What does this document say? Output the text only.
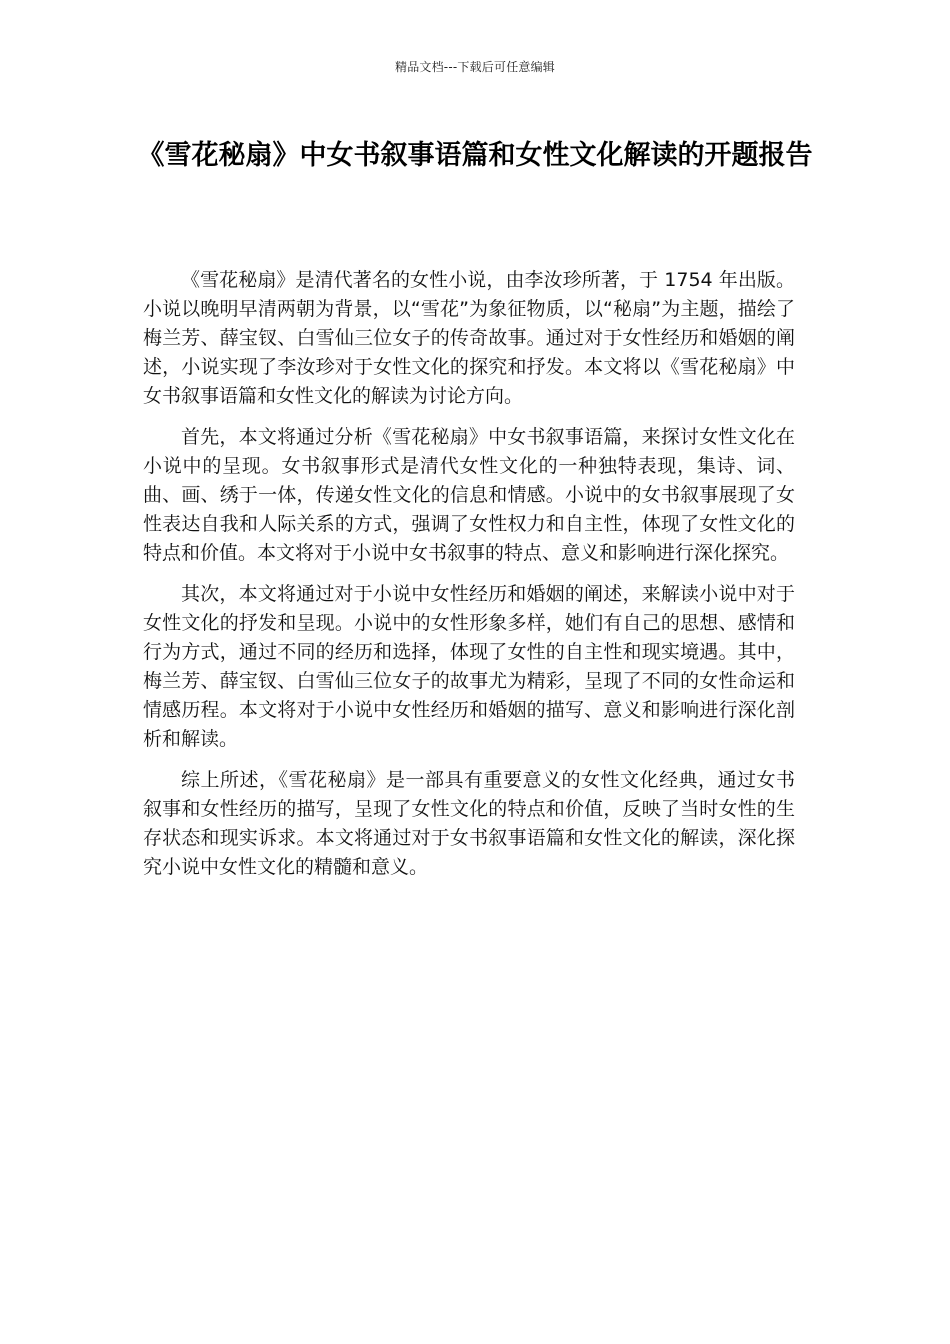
精品文档---下载后可任意编辑
《雪花秘扇》中女书叙事语篇和女性文化解读的开题报告

《雪花秘扇》是清代著名的女性小说，由李汝珍所著，于 1754 年出版。小说以晚明早清两朝为背景，以“雪花”为象征物质，以“秘扇”为主题，描绘了梅兰芳、薛宝钗、白雪仙三位女子的传奇故事。通过对于女性经历和婚姻的阐述，小说实现了李汝珍对于女性文化的探究和抒发。本文将以《雪花秘扇》中女书叙事语篇和女性文化的解读为讨论方向。

首先，本文将通过分析《雪花秘扇》中女书叙事语篇，来探讨女性文化在小说中的呈现。女书叙事形式是清代女性文化的一种独特表现，集诗、词、曲、画、绣于一体，传递女性文化的信息和情感。小说中的女书叙事展现了女性表达自我和人际关系的方式，强调了女性权力和自主性，体现了女性文化的特点和价值。本文将对于小说中女书叙事的特点、意义和影响进行深化探究。

其次，本文将通过对于小说中女性经历和婚姻的阐述，来解读小说中对于女性文化的抒发和呈现。小说中的女性形象多样，她们有自己的思想、感情和行为方式，通过不同的经历和选择，体现了女性的自主性和现实境遇。其中，梅兰芳、薛宝钗、白雪仙三位女子的故事尤为精彩，呈现了不同的女性命运和情感历程。本文将对于小说中女性经历和婚姻的描写、意义和影响进行深化剖析和解读。

综上所述，《雪花秘扇》是一部具有重要意义的女性文化经典，通过女书叙事和女性经历的描写，呈现了女性文化的特点和价值，反映了当时女性的生存状态和现实诉求。本文将通过对于女书叙事语篇和女性文化的解读，深化探究小说中女性文化的精髓和意义。
